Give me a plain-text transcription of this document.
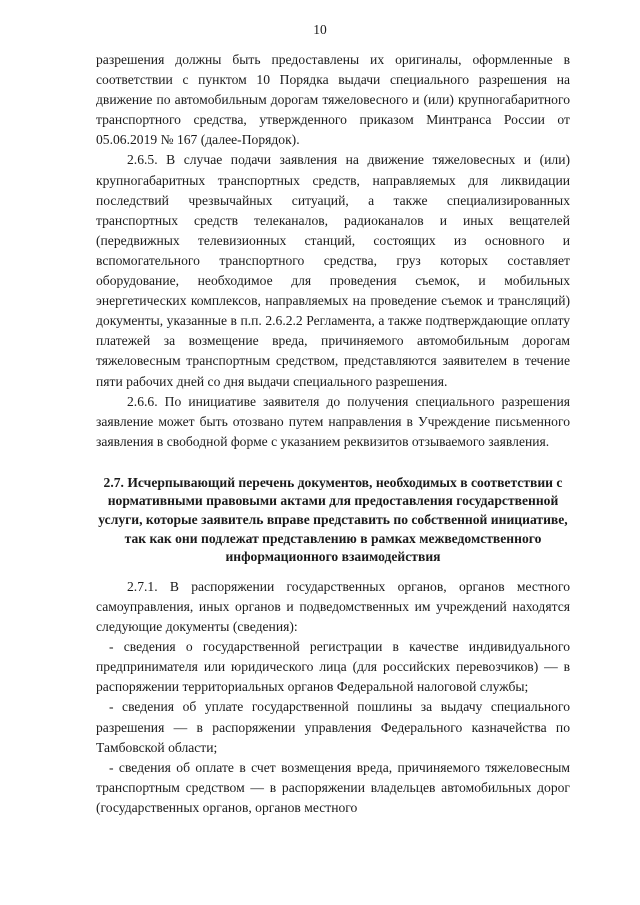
10

разрешения должны быть предоставлены их оригиналы, оформленные в соответствии с пунктом 10 Порядка выдачи специального разрешения на движение по автомобильным дорогам тяжеловесного и (или) крупногабаритного транспортного средства, утвержденного приказом Минтранса России от 05.06.2019 № 167 (далее-Порядок).

2.6.5. В случае подачи заявления на движение тяжеловесных и (или) крупногабаритных транспортных средств, направляемых для ликвидации последствий чрезвычайных ситуаций, а также специализированных транспортных средств телеканалов, радиоканалов и иных вещателей (передвижных телевизионных станций, состоящих из основного и вспомогательного транспортного средства, груз которых составляет оборудование, необходимое для проведения съемок, и мобильных энергетических комплексов, направляемых на проведение съемок и трансляций) документы, указанные в п.п. 2.6.2.2 Регламента, а также подтверждающие оплату платежей за возмещение вреда, причиняемого автомобильным дорогам тяжеловесным транспортным средством, представляются заявителем в течение пяти рабочих дней со дня выдачи специального разрешения.

2.6.6. По инициативе заявителя до получения специального разрешения заявление может быть отозвано путем направления в Учреждение письменного заявления в свободной форме с указанием реквизитов отзываемого заявления.

2.7. Исчерпывающий перечень документов, необходимых в соответствии с нормативными правовыми актами для предоставления государственной услуги, которые заявитель вправе представить по собственной инициативе, так как они подлежат представлению в рамках межведомственного информационного взаимодействия

2.7.1. В распоряжении государственных органов, органов местного самоуправления, иных органов и подведомственных им учреждений находятся следующие документы (сведения):

- сведения о государственной регистрации в качестве индивидуального предпринимателя или юридического лица (для российских перевозчиков) — в распоряжении территориальных органов Федеральной налоговой службы;

- сведения об уплате государственной пошлины за выдачу специального разрешения — в распоряжении управления Федерального казначейства по Тамбовской области;

- сведения об оплате в счет возмещения вреда, причиняемого тяжеловесным транспортным средством — в распоряжении владельцев автомобильных дорог (государственных органов, органов местного
